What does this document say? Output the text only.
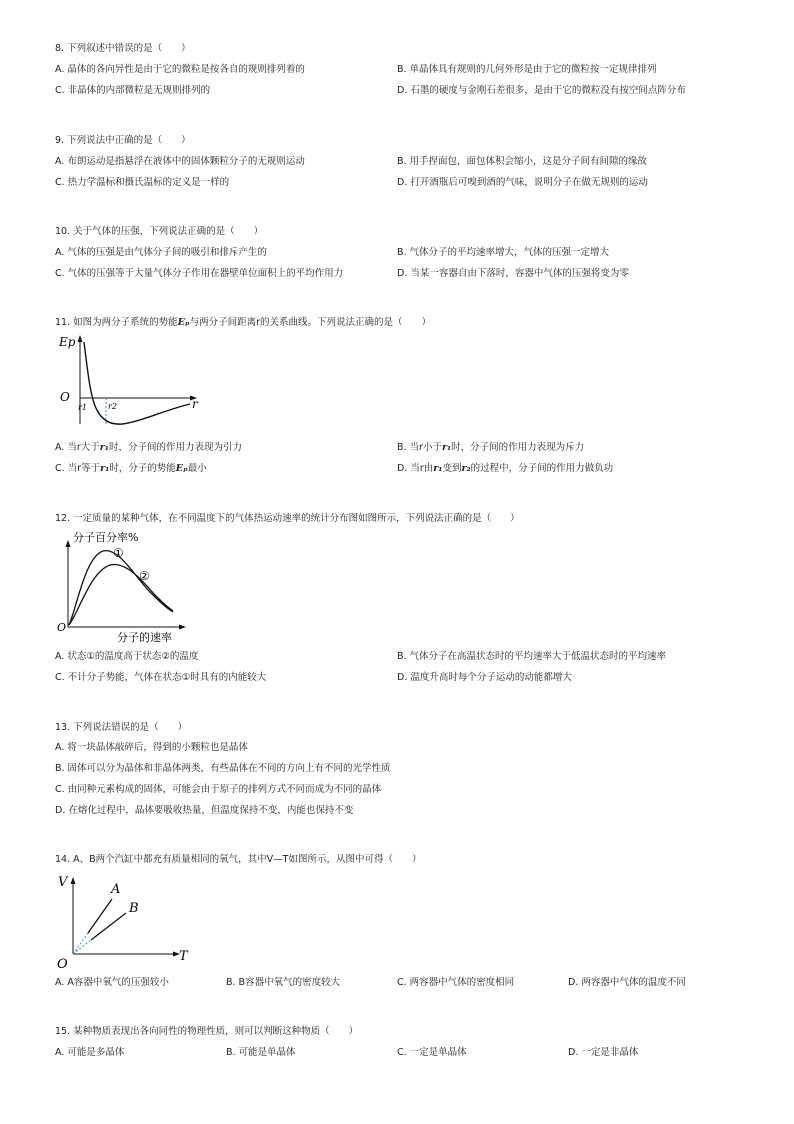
8. 下列叙述中错误的是（　　）
A. 晶体的各向异性是由于它的微粒是按各自的规则排列着的	B. 单晶体具有规则的几何外形是由于它的微粒按一定规律排列
C. 非晶体的内部微粒是无规则排列的	D. 石墨的硬度与金刚石差很多，是由于它的微粒没有按空间点阵分布
9. 下列说法中正确的是（　　）
A. 布朗运动是指悬浮在液体中的固体颗粒分子的无规则运动	B. 用手捏面包，面包体积会缩小，这是分子间有间隙的缘故
C. 热力学温标和摄氏温标的定义是一样的	D. 打开酒瓶后可嗅到酒的气味，说明分子在做无规则的运动
10. 关于气体的压强，下列说法正确的是（　　）
A. 气体的压强是由气体分子间的吸引和排斥产生的	B. 气体分子的平均速率增大，气体的压强一定增大
C. 气体的压强等于大量气体分子作用在器壁单位面积上的平均作用力	D. 当某一容器自由下落时，容器中气体的压强将变为零
11. 如图为两分子系统的势能Eₚ与两分子间距离r的关系曲线。下列说法正确的是（　　）
Ep
O	r
r1	r2
A. 当r大于r₁时，分子间的作用力表现为引力	B. 当r小于r₁时，分子间的作用力表现为斥力
C. 当r等于r₁时，分子的势能Eₚ最小	D. 当r由r₁变到r₂的过程中，分子间的作用力做负功
12. 一定质量的某种气体，在不同温度下的气体热运动速率的统计分布图如图所示，下列说法正确的是（　　）
分子百分率%
①
②
O
分子的速率
A. 状态①的温度高于状态②的温度	B. 气体分子在高温状态时的平均速率大于低温状态时的平均速率
C. 不计分子势能，气体在状态①时具有的内能较大	D. 温度升高时每个分子运动的动能都增大
13. 下列说法错误的是（　　）
A. 将一块晶体敲碎后，得到的小颗粒也是晶体
B. 固体可以分为晶体和非晶体两类，有些晶体在不同的方向上有不同的光学性质
C. 由同种元素构成的固体，可能会由于原子的排列方式不同而成为不同的晶体
D. 在熔化过程中，晶体要吸收热量，但温度保持不变，内能也保持不变
14. A、B两个汽缸中都充有质量相同的氧气，其中V—T如图所示，从图中可得（　　）
V	A
B
O
T
A. A容器中氧气的压强较小	B. B容器中氧气的密度较大	C. 两容器中气体的密度相同	D. 两容器中气体的温度不同
15. 某种物质表现出各向同性的物理性质，则可以判断这种物质（　　）
A. 可能是多晶体	B. 可能是单晶体	C. 一定是单晶体	D. 一定是非晶体
